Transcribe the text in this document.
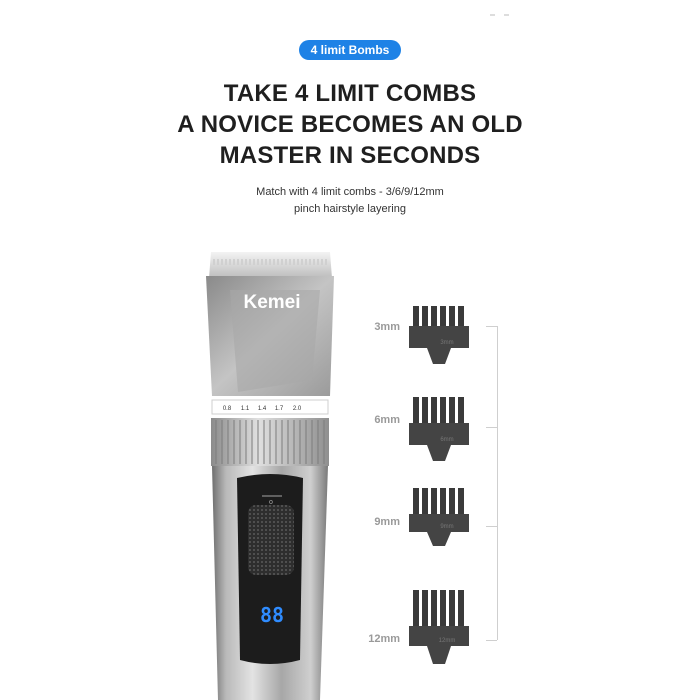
4 limit Bombs
TAKE 4 LIMIT COMBS
A NOVICE BECOMES AN OLD
MASTER IN SECONDS
Match with 4 limit combs - 3/6/9/12mm
pinch hairstyle layering
Kemei
0.8 1.1 1.4 1.7 2.0
o
88
3mm
6mm
9mm
12mm
3mm
6mm
9mm
12mm
